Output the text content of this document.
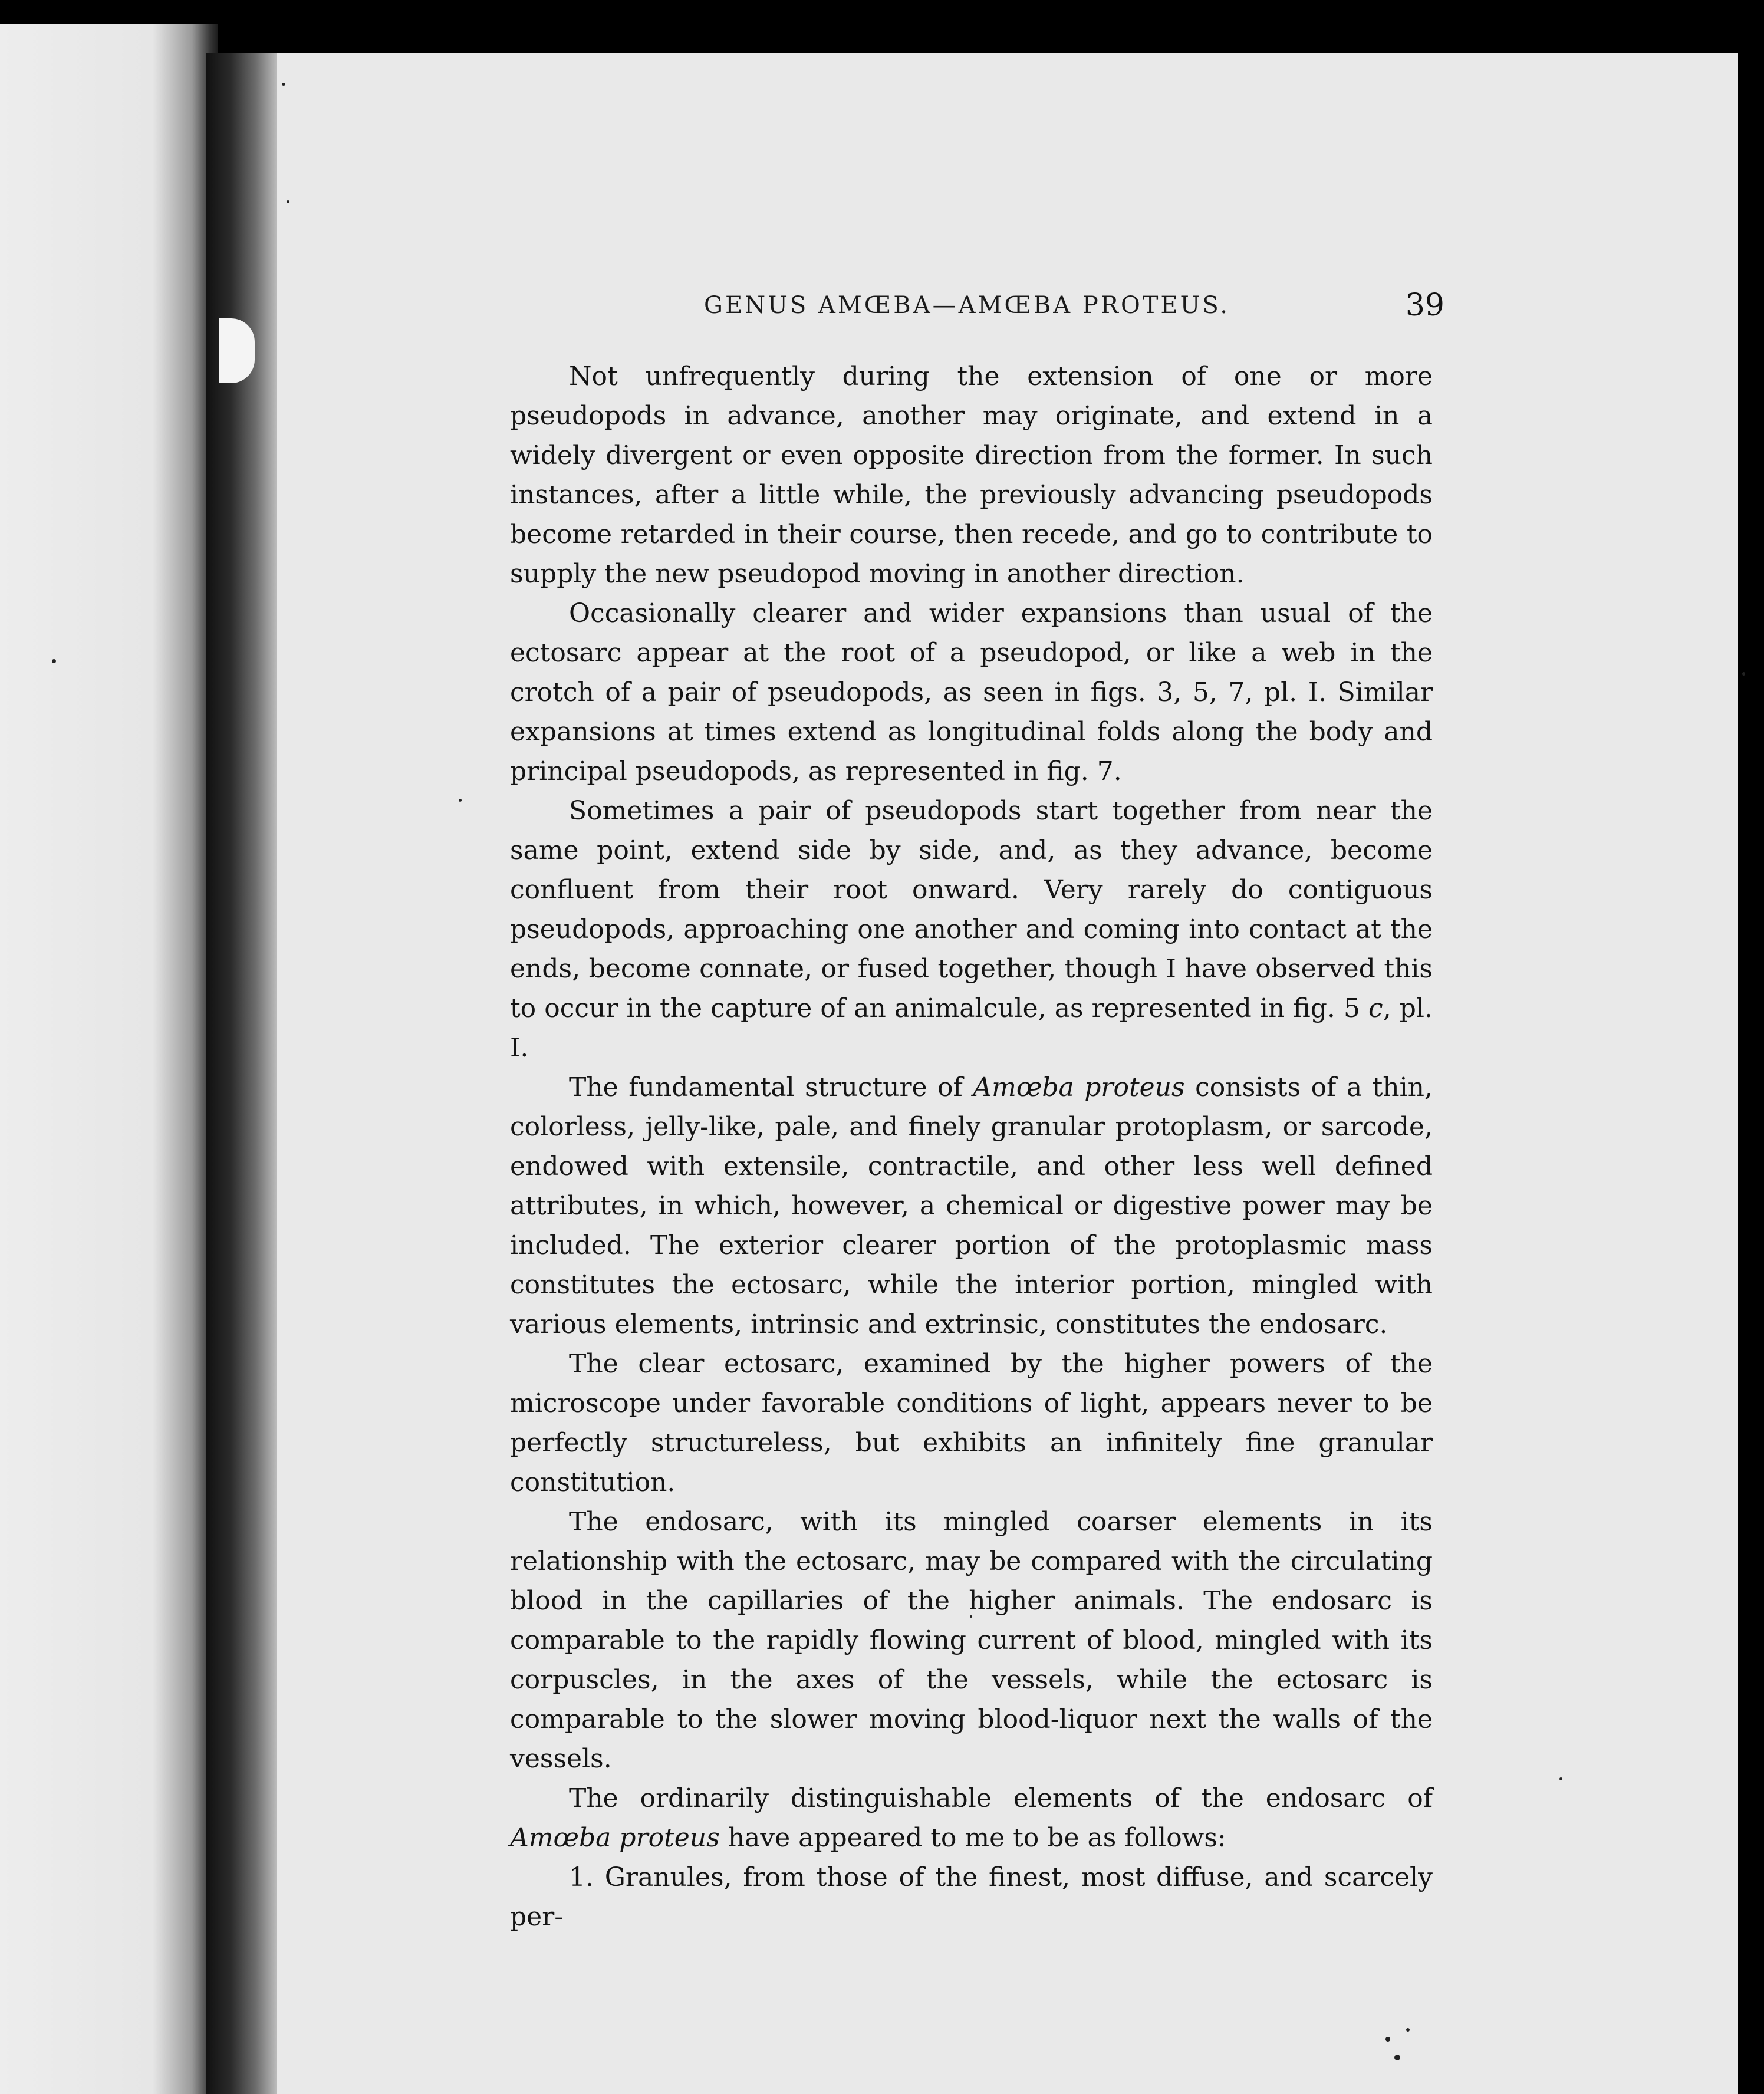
GENUS AMŒBA—AMŒBA PROTEUS.	39

Not unfrequently during the extension of one or more pseudopods in advance, another may originate, and extend in a widely divergent or even opposite direction from the former. In such instances, after a little while, the previously advancing pseudopods become retarded in their course, then recede, and go to contribute to supply the new pseudopod moving in another direction.

Occasionally clearer and wider expansions than usual of the ectosarc appear at the root of a pseudopod, or like a web in the crotch of a pair of pseudopods, as seen in figs. 3, 5, 7, pl. I. Similar expansions at times extend as longitudinal folds along the body and principal pseudopods, as represented in fig. 7.

Sometimes a pair of pseudopods start together from near the same point, extend side by side, and, as they advance, become confluent from their root onward. Very rarely do contiguous pseudopods, approaching one another and coming into contact at the ends, become connate, or fused together, though I have observed this to occur in the capture of an animalcule, as represented in fig. 5 c, pl. I.

The fundamental structure of Amœba proteus consists of a thin, colorless, jelly-like, pale, and finely granular protoplasm, or sarcode, endowed with extensile, contractile, and other less well defined attributes, in which, however, a chemical or digestive power may be included. The exterior clearer portion of the protoplasmic mass constitutes the ectosarc, while the interior portion, mingled with various elements, intrinsic and extrinsic, constitutes the endosarc.

The clear ectosarc, examined by the higher powers of the microscope under favorable conditions of light, appears never to be perfectly structureless, but exhibits an infinitely fine granular constitution.

The endosarc, with its mingled coarser elements in its relationship with the ectosarc, may be compared with the circulating blood in the capillaries of the higher animals. The endosarc is comparable to the rapidly flowing current of blood, mingled with its corpuscles, in the axes of the vessels, while the ectosarc is comparable to the slower moving blood-liquor next the walls of the vessels.

The ordinarily distinguishable elements of the endosarc of Amœba proteus have appeared to me to be as follows:

1. Granules, from those of the finest, most diffuse, and scarcely per-
